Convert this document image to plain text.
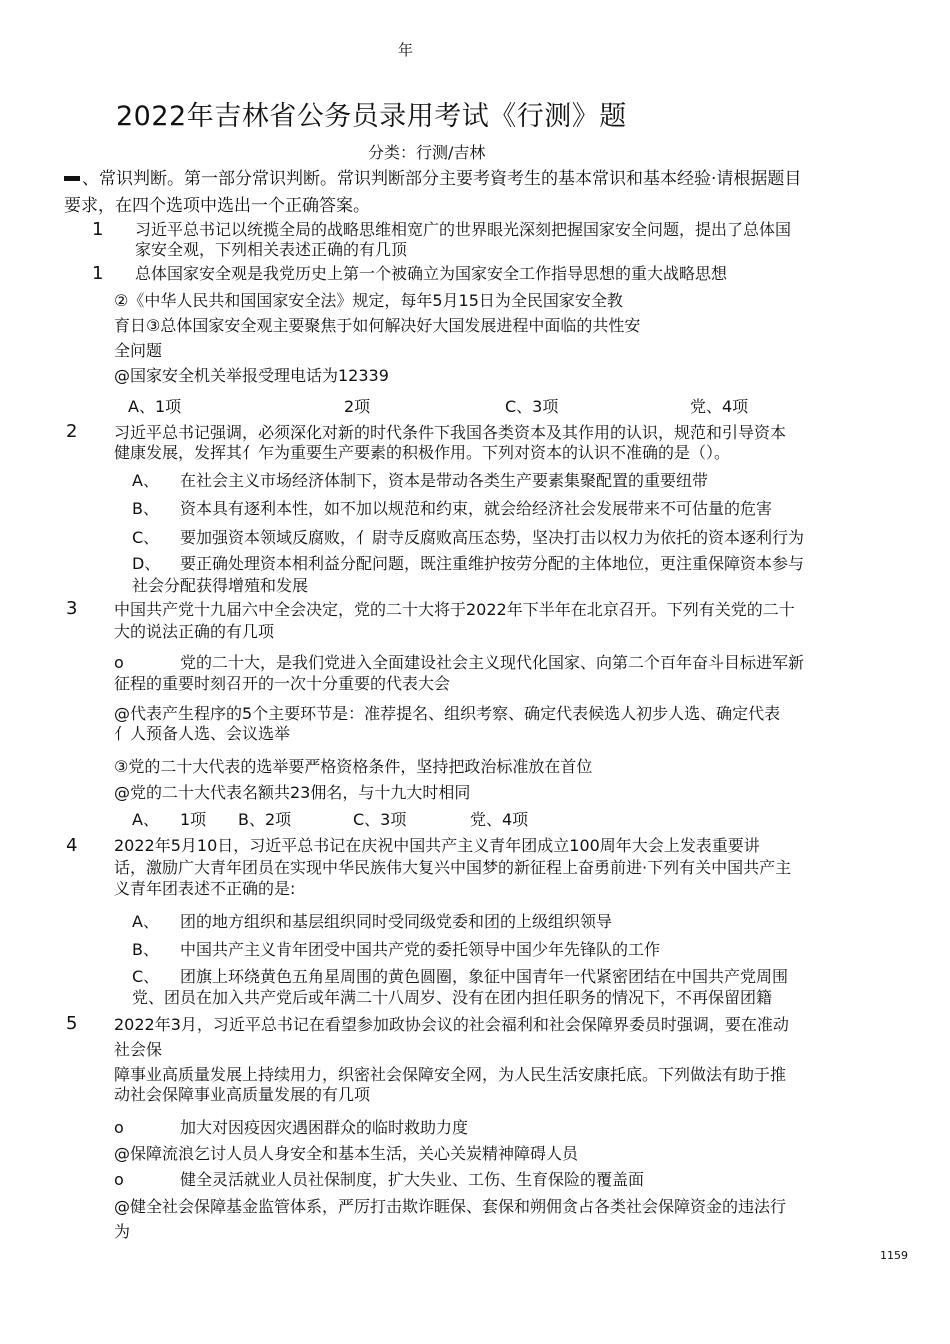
年
2022年吉林省公务员录用考试《行测》题
分类：行测/吉林
、常识判断。第一部分常识判断。常识判断部分主要考資考生的基本常识和基本经验·请根据题目
要求，在四个选项中选出一个正确答案。
1 习近平总书记以统揽全局的战略思维相宽广的世界眼光深刻把握国家安全问题，提出了总体国
家安全观，下列相关表述正确的有几顶
1 总体国家安全观是我党历史上第一个被确立为国家安全工作指导思想的重大战略思想
②《中华人民共和国国家安全法》规定，每年5月15日为全民国家安全教
育日③总体国家安全观主要聚焦于如何解决好大国发展进程中面临的共性安
全问题
@国家安全机关举报受理电话为12339
A、1项	2项	C、3项	党、4项
2 习近平总书记强调，必须深化对新的时代条件下我国各类资本及其作用的认识，规范和引导资本
健康发展，发挥其亻乍为重要生产要素的积极作用。下列对资本的认识不准确的是（）。
A、 在社会主义市场经济体制下，资本是带动各类生产要素集聚配置的重要纽带
B、 资本具有逐利本性，如不加以规范和约束，就会给经济社会发展带来不可估量的危害
C、 要加强资本领域反腐败，亻尉寺反腐败高压态势，坚决打击以权力为依托的资本逐利行为
D、 要正确处理资本相利益分配问题，既注重维护按劳分配的主体地位，更注重保障资本参与
社会分配获得增殖和发展
3 中国共产党十九届六中全会决定，党的二十大将于2022年下半年在北京召开。下列有关党的二十
大的说法正确的有几项
o	党的二十大，是我们党进入全面建设社会主义现代化国家、向第二个百年奋斗目标进军新
征程的重要时刻召开的一次十分重要的代表大会
@代表产生程序的5个主要环节是：准荐提名、组织考察、确定代表候选人初步人选、确定代表
亻人预备人选、会议选举
③党的二十大代表的选举要严格资格条件，坚持把政治标准放在首位
@党的二十大代表名额共23佣名，与十九大时相同
A、 1项 B、2项	C、3项	党、4项
4 2022年5月10日，习近平总书记在庆祝中国共产主义青年团成立100周年大会上发表重要讲
话，激励广大青年团员在实现中华民族伟大复兴中国梦的新征程上奋勇前进·下列有关中国共产主
义青年团表述不正确的是:
A、 团的地方组织和基层组织同时受同级党委和团的上级组织领导
B、 中国共产主义肯年团受中国共产党的委托领导中国少年先锋队的工作
C、 团旗上环绕黄色五角星周围的黄色圆圈，象征中国青年一代紧密团结在中国共产党周围
党、团员在加入共产党后或年满二十八周岁、没有在团内担任职务的情况下，不再保留团籍
5 2022年3月，习近平总书记在看望参加政协会议的社会福利和社会保障界委员时强调，要在准动
社会保
障事业高质量发展上持续用力，织密社会保障安全网，为人民生活安康托底。下列做法有助于推
动社会保障事业高质量发展的有几项
o	加大对因疫因灾遇困群众的临时救助力度
@保障流浪乞讨人员人身安全和基本生活，关心关炭精神障碍人员
o	健全灵活就业人员社保制度，扩大失业、工伤、生育保险的覆盖面
@健全社会保障基金监管体系，严厉打击欺诈睚保、套保和朔佣贪占各类社会保障资金的违法行
为
1159
